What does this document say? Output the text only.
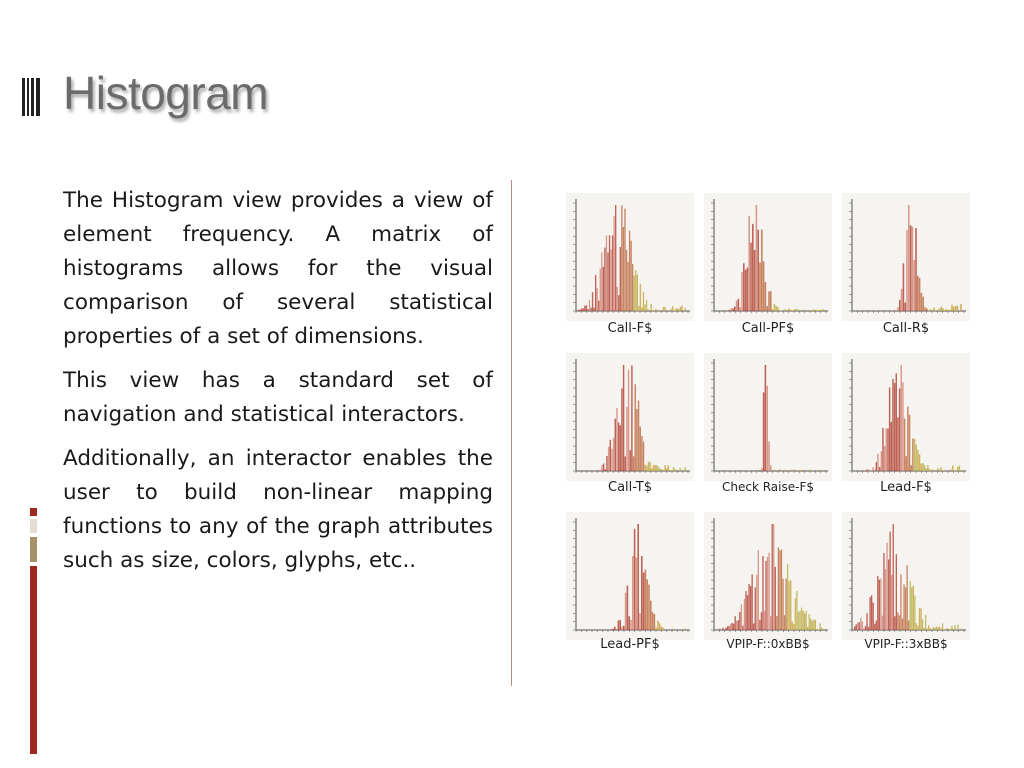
Histogram

The Histogram view provides a view of element frequency. A matrix of histograms allows for the visual comparison of several statistical properties of a set of dimensions.

This view has a standard set of navigation and statistical interactors.

Additionally, an interactor enables the user to build non-linear mapping functions to any of the graph attributes such as size, colors, glyphs, etc..

Call-F$	Call-PF$	Call-R$
Call-T$	Check Raise-F$	Lead-F$
Lead-PF$	VPIP-F::0xBB$	VPIP-F::3xBB$
